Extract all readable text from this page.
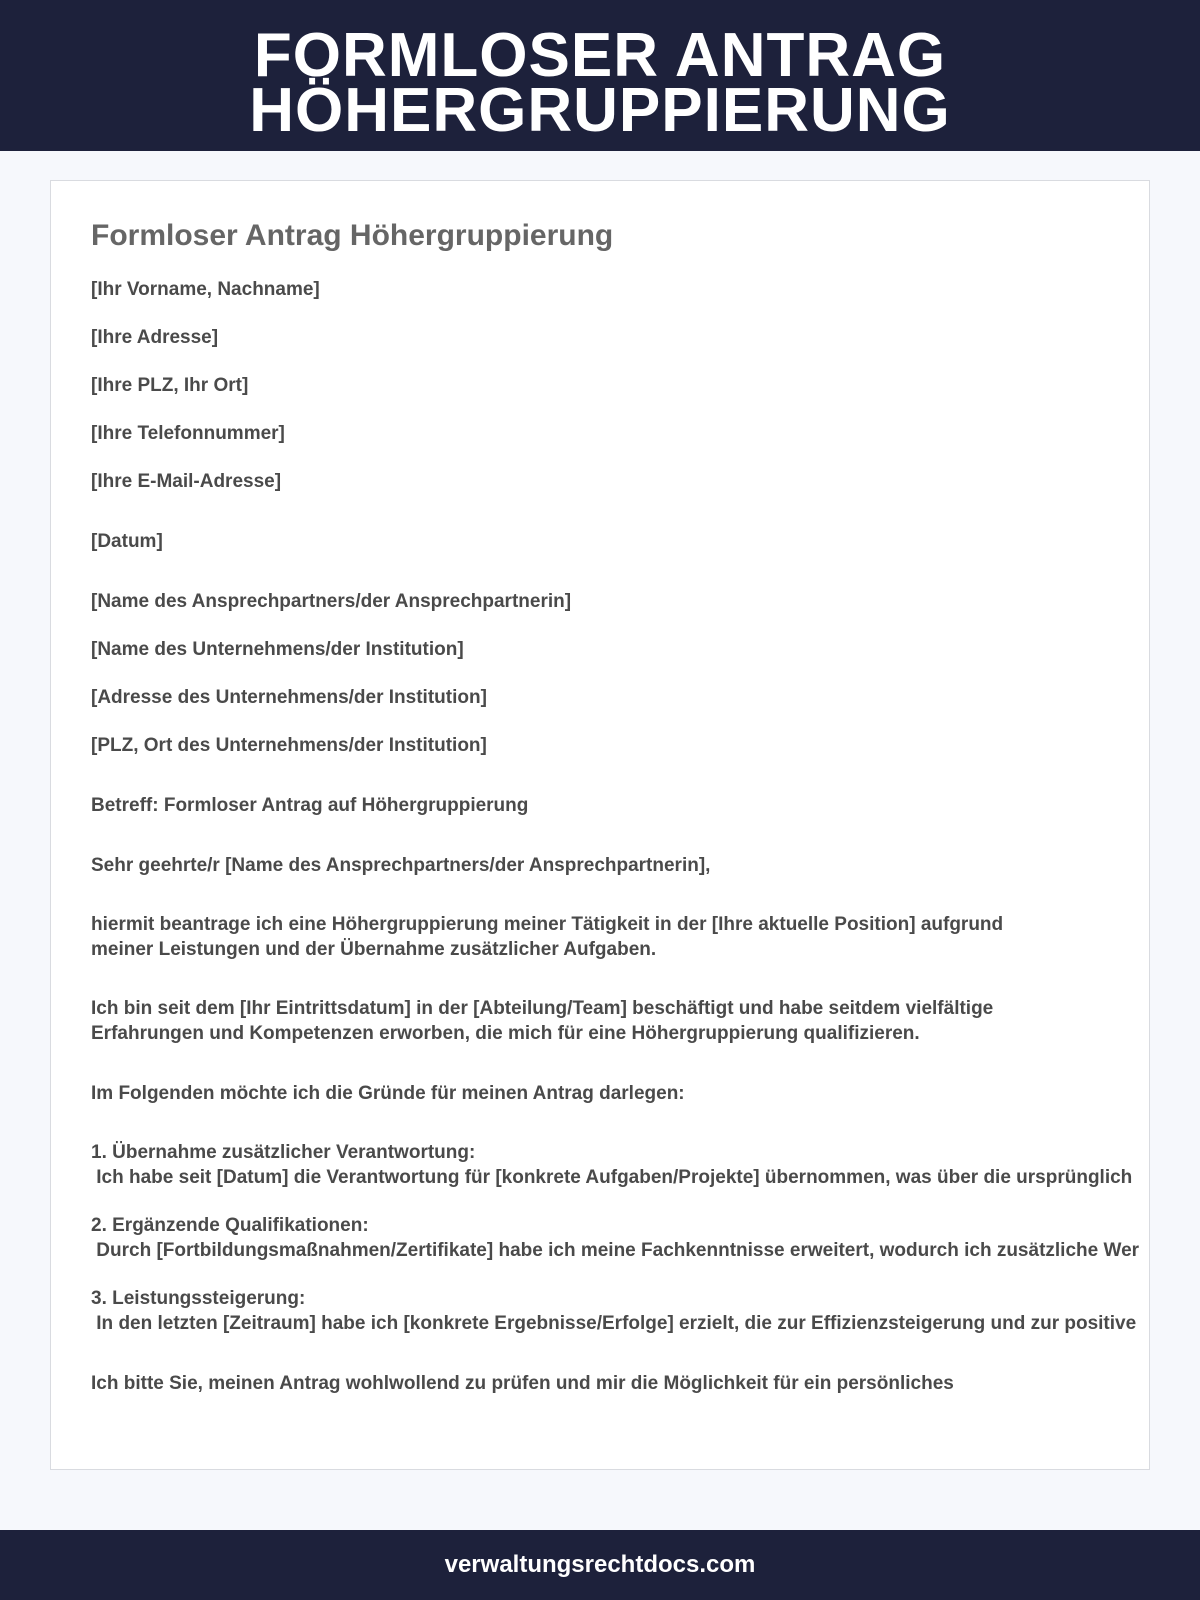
FORMLOSER ANTRAG
HÖHERGRUPPIERUNG
Formloser Antrag Höhergruppierung
[Ihr Vorname, Nachname]
[Ihre Adresse]
[Ihre PLZ, Ihr Ort]
[Ihre Telefonnummer]
[Ihre E-Mail-Adresse]
[Datum]
[Name des Ansprechpartners/der Ansprechpartnerin]
[Name des Unternehmens/der Institution]
[Adresse des Unternehmens/der Institution]
[PLZ, Ort des Unternehmens/der Institution]
Betreff: Formloser Antrag auf Höhergruppierung
Sehr geehrte/r [Name des Ansprechpartners/der Ansprechpartnerin],
hiermit beantrage ich eine Höhergruppierung meiner Tätigkeit in der [Ihre aktuelle Position] aufgrund
meiner Leistungen und der Übernahme zusätzlicher Aufgaben.
Ich bin seit dem [Ihr Eintrittsdatum] in der [Abteilung/Team] beschäftigt und habe seitdem vielfältige
Erfahrungen und Kompetenzen erworben, die mich für eine Höhergruppierung qualifizieren.
Im Folgenden möchte ich die Gründe für meinen Antrag darlegen:
1. Übernahme zusätzlicher Verantwortung:
Ich habe seit [Datum] die Verantwortung für [konkrete Aufgaben/Projekte] übernommen, was über die ursprünglich
2. Ergänzende Qualifikationen:
Durch [Fortbildungsmaßnahmen/Zertifikate] habe ich meine Fachkenntnisse erweitert, wodurch ich zusätzliche Wer
3. Leistungssteigerung:
In den letzten [Zeitraum] habe ich [konkrete Ergebnisse/Erfolge] erzielt, die zur Effizienzsteigerung und zur positive
Ich bitte Sie, meinen Antrag wohlwollend zu prüfen und mir die Möglichkeit für ein persönliches
verwaltungsrechtdocs.com
